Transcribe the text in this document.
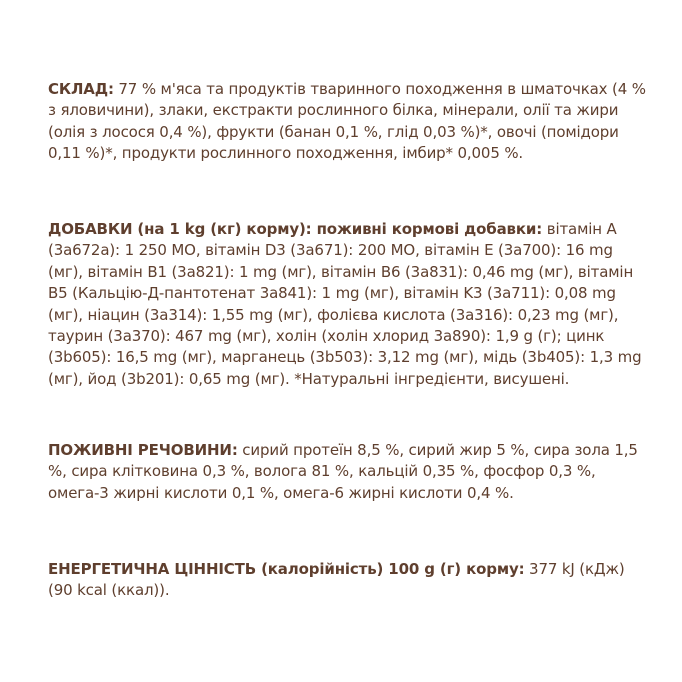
СКЛАД: 77 % м'яса та продуктів тваринного походження в шматочках (4 % з яловичини), злаки, екстракти рослинного білка, мінерали, олії та жири (олія з лосося 0,4 %), фрукти (банан 0,1 %, глід 0,03 %)*, овочі (помідори 0,11 %)*, продукти рослинного походження, імбир* 0,005 %.
ДОБАВКИ (на 1 kg (кг) корму): поживні кормові добавки: вітамін A (3a672a): 1 250 МО, вітамін D3 (3a671): 200 МО, вітамін E (3a700): 16 mg (мг), вітамін B1 (3a821): 1 mg (мг), вітамін B6 (3a831): 0,46 mg (мг), вітамін B5 (Кальцію-Д-пантотенат 3a841): 1 mg (мг), вітамін K3 (3a711): 0,08 mg (мг), ніацин (3a314): 1,55 mg (мг), фолієва кислота (3a316): 0,23 mg (мг), таурин (3a370): 467 mg (мг), холін (холін хлорид 3a890): 1,9 g (г); цинк (3b605): 16,5 mg (мг), марганець (3b503): 3,12 mg (мг), мідь (3b405): 1,3 mg (мг), йод (3b201): 0,65 mg (мг). *Натуральні інгредієнти, висушені.
ПОЖИВНІ РЕЧОВИНИ: сирий протеїн 8,5 %, сирий жир 5 %, сира зола 1,5 %, сира клітковина 0,3 %, волога 81 %, кальцій 0,35 %, фосфор 0,3 %, омега-3 жирні кислоти 0,1 %, омега-6 жирні кислоти 0,4 %.
ЕНЕРГЕТИЧНА ЦІННІСТЬ (калорійність) 100 g (г) корму: 377 kJ (кДж) (90 kcal (ккал)).
